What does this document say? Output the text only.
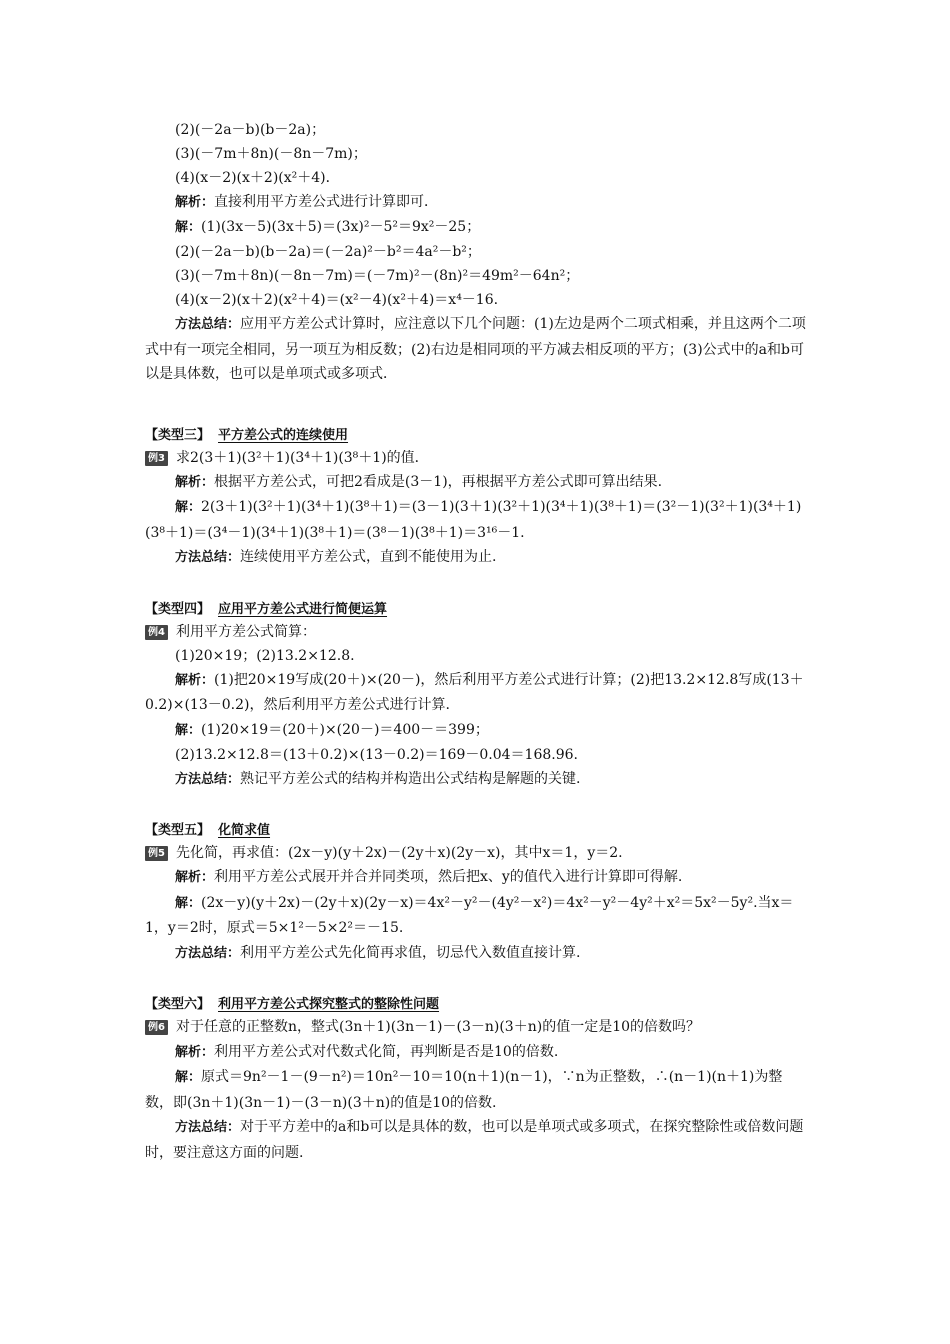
(2)(－2a－b)(b－2a)；

(3)(－7m＋8n)(－8n－7m)；

(4)(x－2)(x＋2)(x²＋4)．

解析：直接利用平方差公式进行计算即可．

解：(1)(3x－5)(3x＋5)＝(3x)²－5²＝9x²－25；

(2)(－2a－b)(b－2a)＝(－2a)²－b²＝4a²－b²；

(3)(－7m＋8n)(－8n－7m)＝(－7m)²－(8n)²＝49m²－64n²；

(4)(x－2)(x＋2)(x²＋4)＝(x²－4)(x²＋4)＝x⁴－16.

方法总结：应用平方差公式计算时，应注意以下几个问题：(1)左边是两个二项式相乘，并且这两个二项式中有一项完全相同，另一项互为相反数；(2)右边是相同项的平方减去相反项的平方；(3)公式中的a和b可以是具体数，也可以是单项式或多项式．

【类型三】 平方差公式的连续使用
例3 求2(3＋1)(3²＋1)(3⁴＋1)(3⁸＋1)的值．

解析：根据平方差公式，可把2看成是(3－1)，再根据平方差公式即可算出结果.

解：2(3＋1)(3²＋1)(3⁴＋1)(3⁸＋1)＝(3－1)(3＋1)(3²＋1)(3⁴＋1)(3⁸＋1)＝(3²－1)(3²＋1)(3⁴＋1)(3⁸＋1)＝(3⁴－1)(3⁴＋1)(3⁸＋1)＝(3⁸－1)(3⁸＋1)＝3¹⁶－1.

方法总结：连续使用平方差公式，直到不能使用为止.

【类型四】 应用平方差公式进行简便运算
例4 利用平方差公式简算：

(1)20×19；(2)13.2×12.8.

解析：(1)把20×19写成(20＋)×(20－)，然后利用平方差公式进行计算；(2)把13.2×12.8写成(13＋0.2)×(13－0.2)，然后利用平方差公式进行计算.

解：(1)20×19＝(20＋)×(20－)＝400－＝399；

(2)13.2×12.8＝(13＋0.2)×(13－0.2)＝169－0.04＝168.96.

方法总结：熟记平方差公式的结构并构造出公式结构是解题的关键.

【类型五】 化简求值
例5 先化简，再求值：(2x－y)(y＋2x)－(2y＋x)(2y－x)，其中x＝1，y＝2.

解析：利用平方差公式展开并合并同类项，然后把x、y的值代入进行计算即可得解.

解：(2x－y)(y＋2x)－(2y＋x)(2y－x)＝4x²－y²－(4y²－x²)＝4x²－y²－4y²＋x²＝5x²－5y².当x＝1，y＝2时，原式＝5×1²－5×2²＝－15.

方法总结：利用平方差公式先化简再求值，切忌代入数值直接计算.

【类型六】 利用平方差公式探究整式的整除性问题
例6 对于任意的正整数n，整式(3n＋1)(3n－1)－(3－n)(3＋n)的值一定是10的倍数吗？

解析：利用平方差公式对代数式化简，再判断是否是10的倍数.

解：原式＝9n²－1－(9－n²)＝10n²－10＝10(n＋1)(n－1)，∵n为正整数，∴(n－1)(n＋1)为整数，即(3n＋1)(3n－1)－(3－n)(3＋n)的值是10的倍数.

方法总结：对于平方差中的a和b可以是具体的数，也可以是单项式或多项式，在探究整除性或倍数问题时，要注意这方面的问题.
